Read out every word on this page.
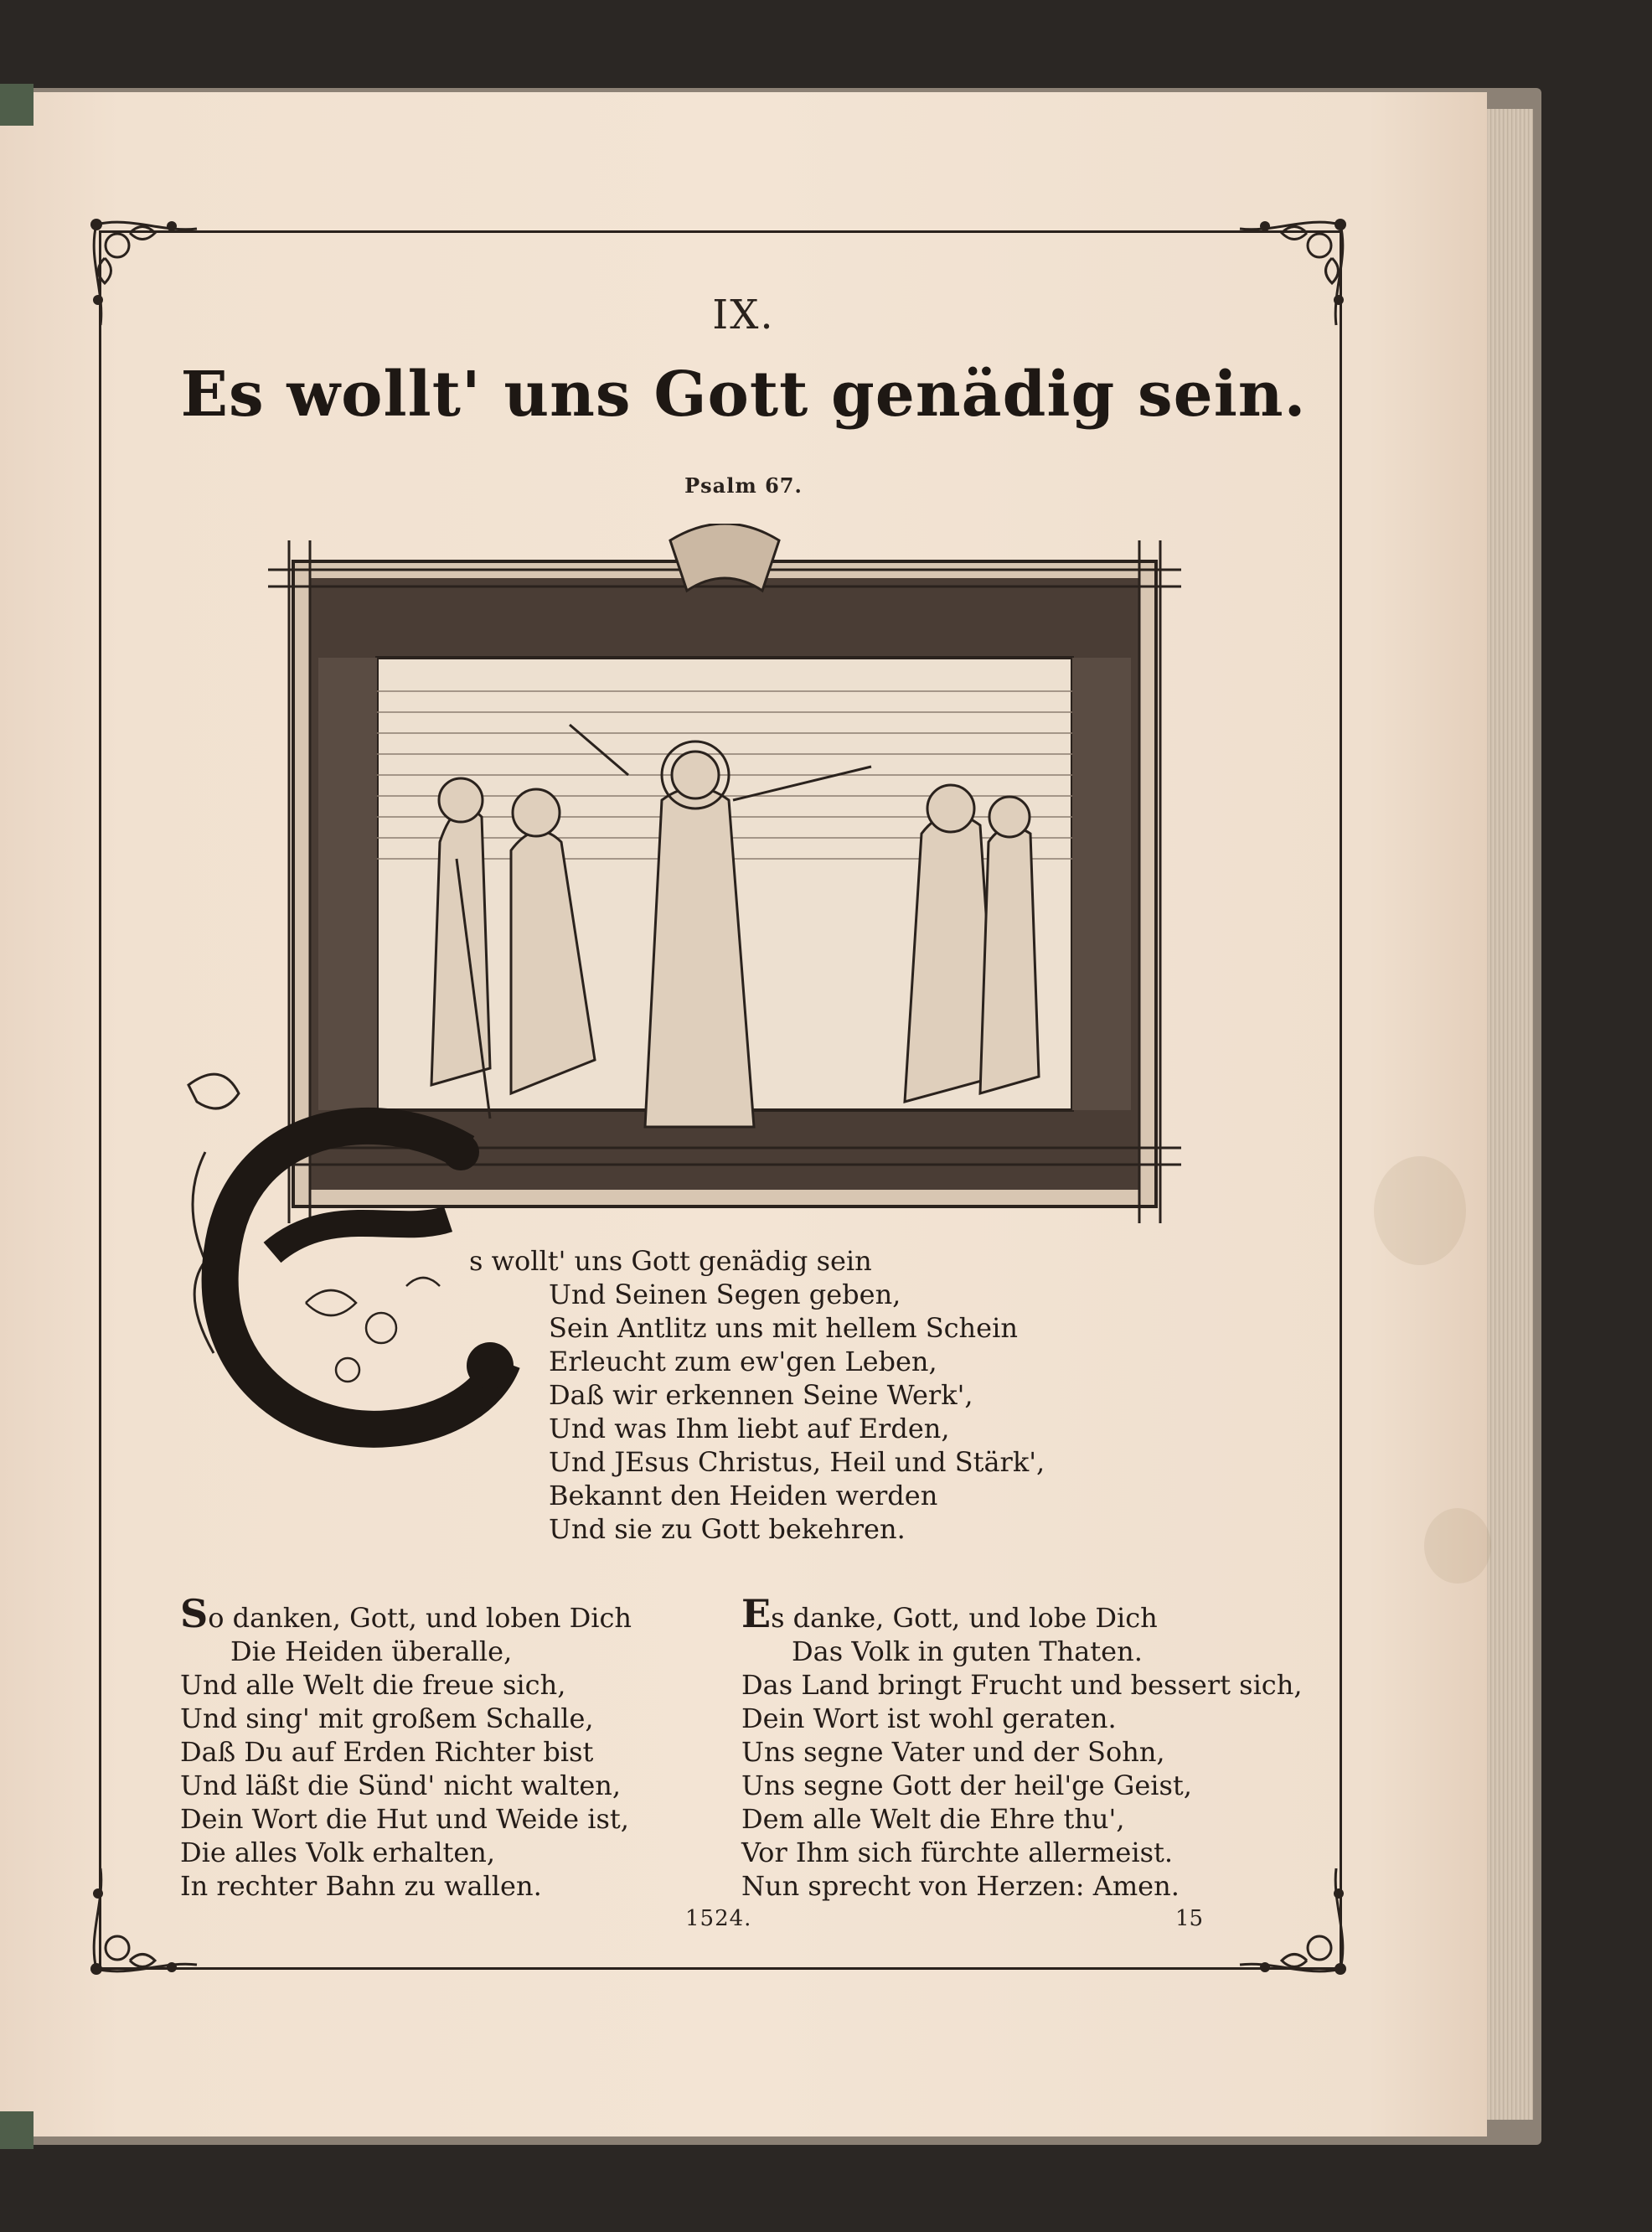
IX.
Es wollt' uns Gott genädig sein.
Psalm 67.
s wollt' uns Gott genädig sein
Und Seinen Segen geben,
Sein Antlitz uns mit hellem Schein
Erleucht zum ew'gen Leben,
Daß wir erkennen Seine Werk',
Und was Ihm liebt auf Erden,
Und JEsus Christus, Heil und Stärk',
Bekannt den Heiden werden
Und sie zu Gott bekehren.
So danken, Gott, und loben Dich
Die Heiden überalle,
Und alle Welt die freue sich,
Und sing' mit großem Schalle,
Daß Du auf Erden Richter bist
Und läßt die Sünd' nicht walten,
Dein Wort die Hut und Weide ist,
Die alles Volk erhalten,
In rechter Bahn zu wallen.
Es danke, Gott, und lobe Dich
Das Volk in guten Thaten.
Das Land bringt Frucht und bessert sich,
Dein Wort ist wohl geraten.
Uns segne Vater und der Sohn,
Uns segne Gott der heil'ge Geist,
Dem alle Welt die Ehre thu',
Vor Ihm sich fürchte allermeist.
Nun sprecht von Herzen: Amen.
1524.	15
